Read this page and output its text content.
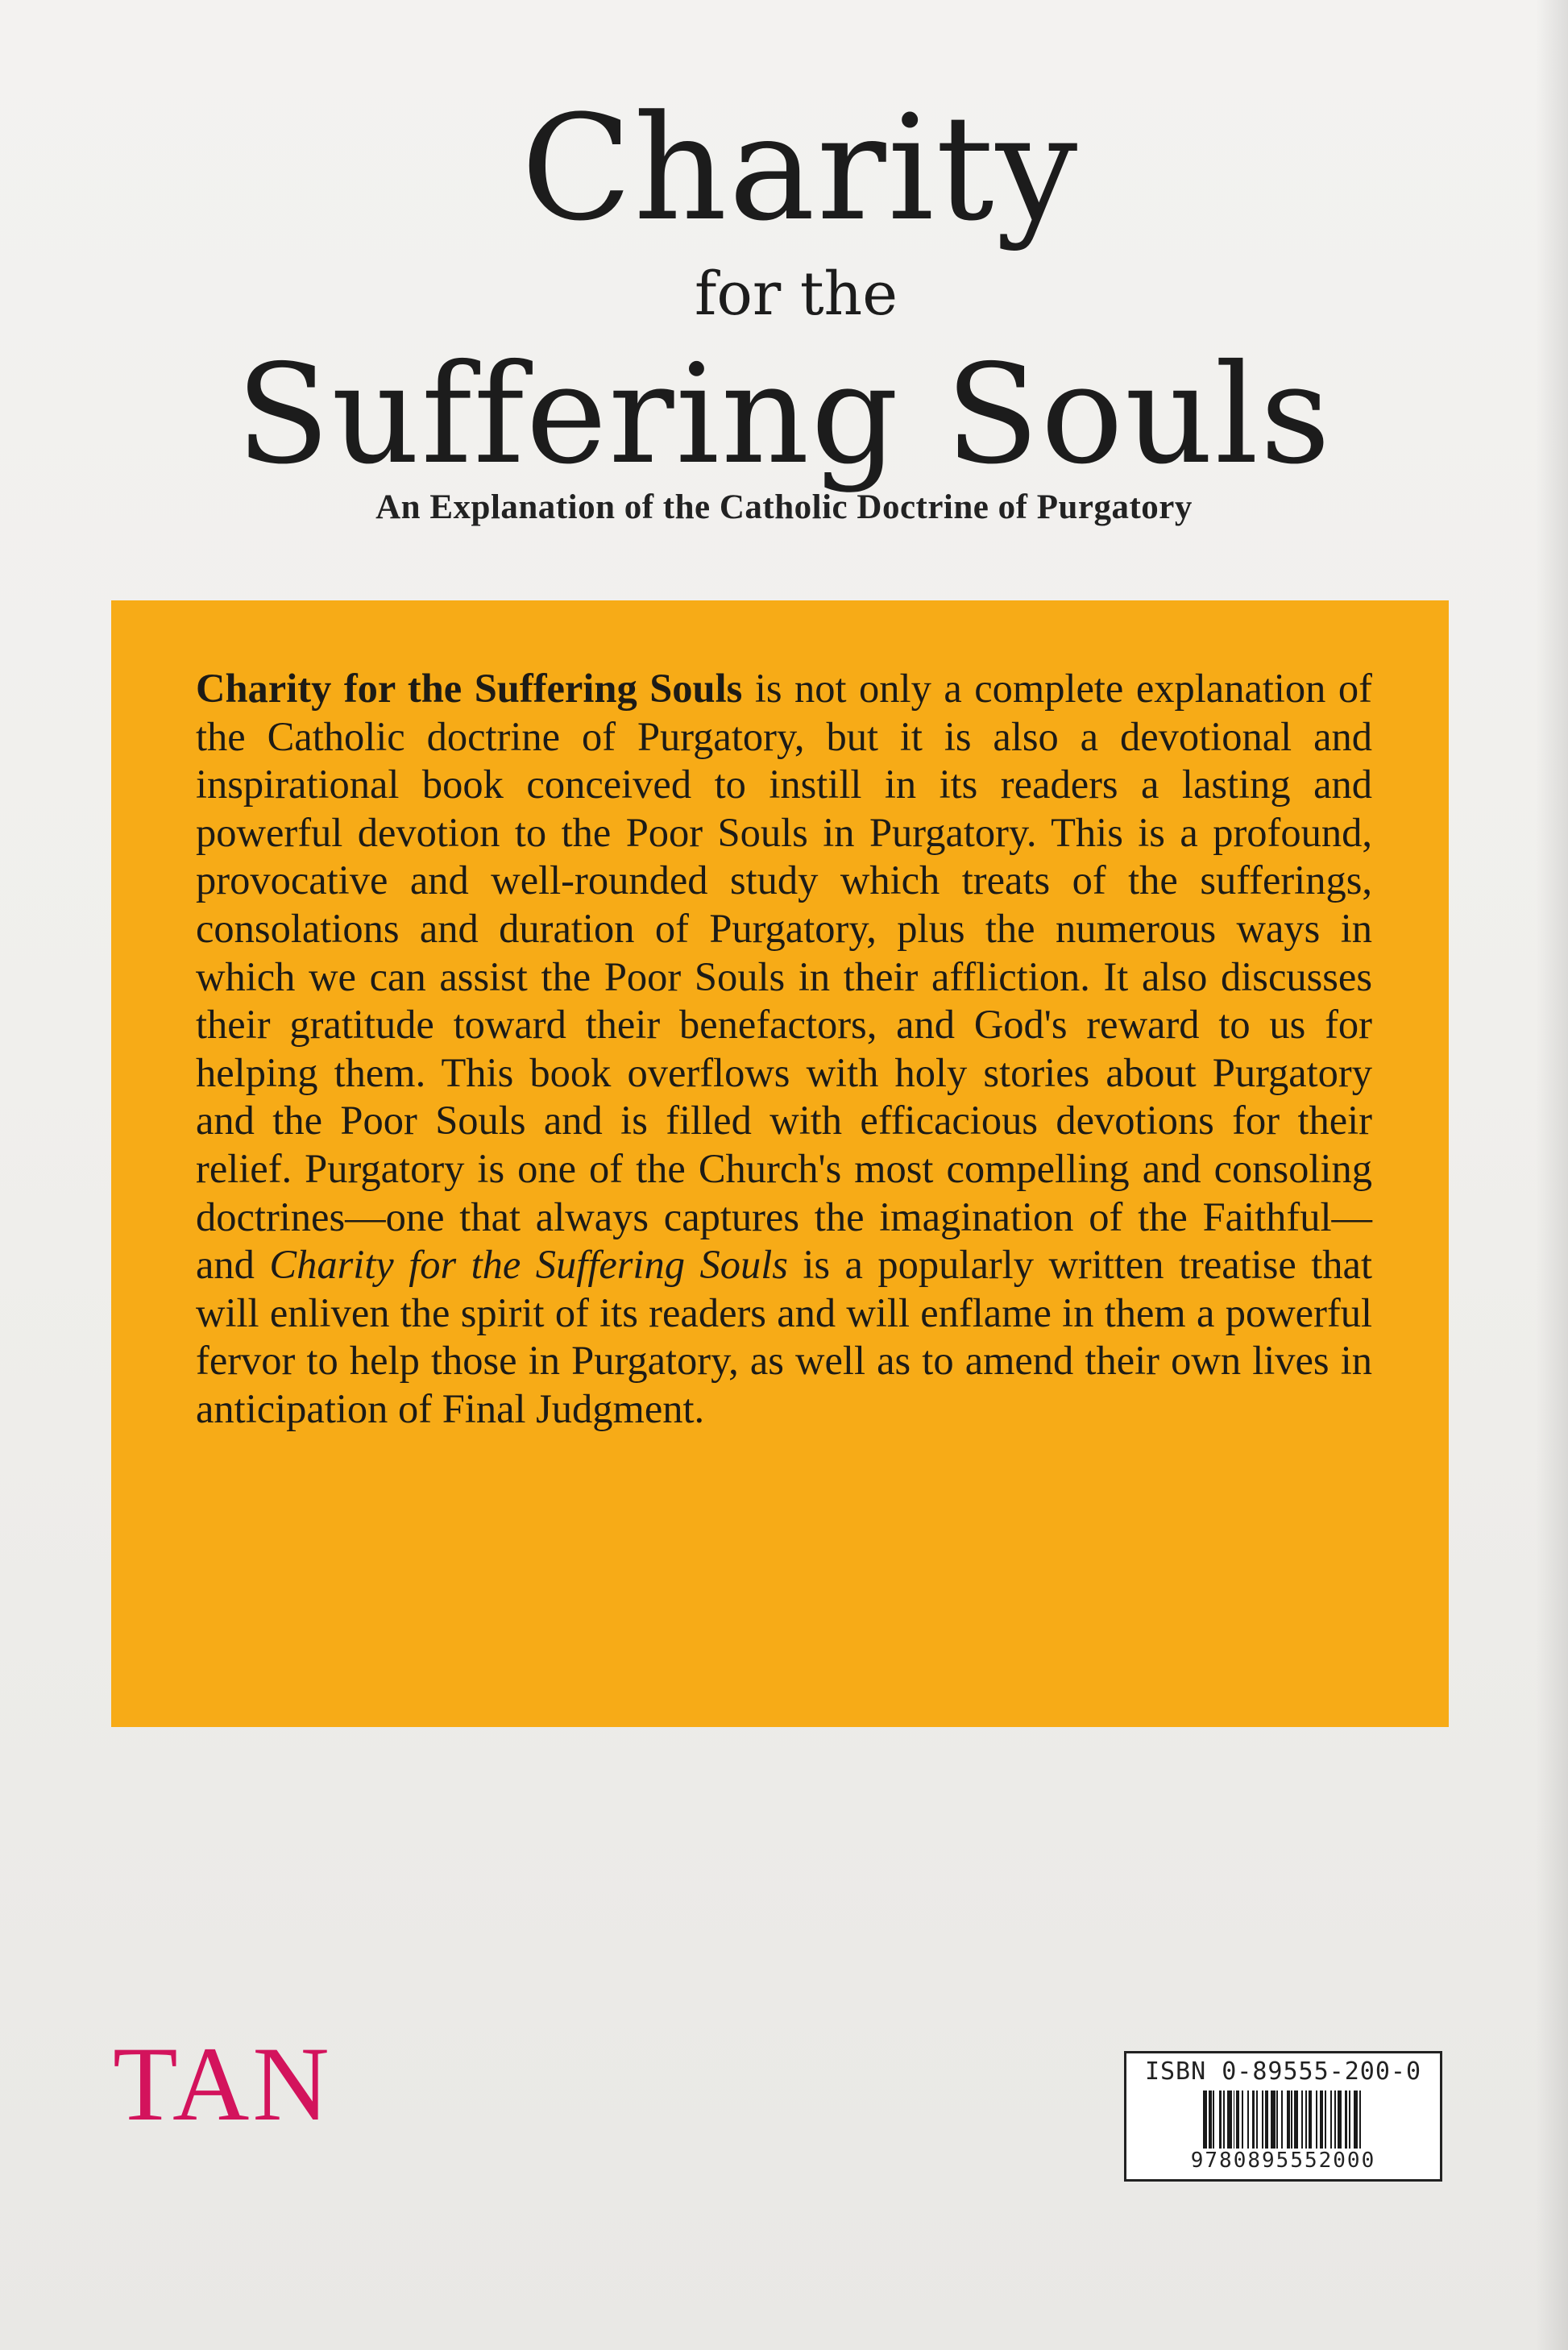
Charity
for the
Suffering Souls
An Explanation of the Catholic Doctrine of Purgatory

Charity for the Suffering Souls is not only a complete explanation of the Catholic doctrine of Purgatory, but it is also a devotional and inspirational book conceived to instill in its readers a lasting and powerful devotion to the Poor Souls in Purgatory. This is a profound, provocative and well-rounded study which treats of the sufferings, consolations and duration of Purgatory, plus the numerous ways in which we can assist the Poor Souls in their affliction. It also discusses their gratitude toward their benefactors, and God's reward to us for helping them. This book overflows with holy stories about Purgatory and the Poor Souls and is filled with efficacious devotions for their relief. Purgatory is one of the Church's most compelling and consoling doctrines—one that always captures the imagination of the Faithful—and Charity for the Suffering Souls is a popularly written treatise that will enliven the spirit of its readers and will enflame in them a powerful fervor to help those in Purgatory, as well as to amend their own lives in anticipation of Final Judgment.

TAN	ISBN 0-89555-200-0
9780895552000
